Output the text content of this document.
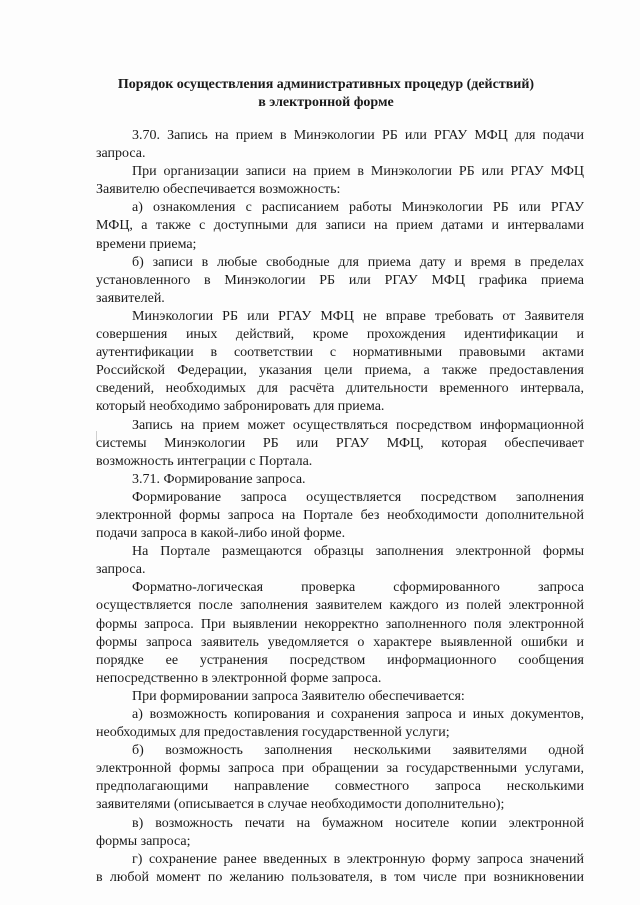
Порядок осуществления административных процедур (действий)
в электронной форме
3.70. Запись на прием в Минэкологии РБ или РГАУ МФЦ для подачи
запроса.
При организации записи на прием в Минэкологии РБ или РГАУ МФЦ
Заявителю обеспечивается возможность:
а) ознакомления с расписанием работы Минэкологии РБ или РГАУ
МФЦ, а также с доступными для записи на прием датами и интервалами
времени приема;
б) записи в любые свободные для приема дату и время в пределах
установленного в Минэкологии РБ или РГАУ МФЦ графика приема
заявителей.
Минэкологии РБ или РГАУ МФЦ не вправе требовать от Заявителя
совершения иных действий, кроме прохождения идентификации и
аутентификации в соответствии с нормативными правовыми актами
Российской Федерации, указания цели приема, а также предоставления
сведений, необходимых для расчёта длительности временного интервала,
который необходимо забронировать для приема.
Запись на прием может осуществляться посредством информационной
системы Минэкологии РБ или РГАУ МФЦ, которая обеспечивает
возможность интеграции с Портала.
3.71. Формирование запроса.
Формирование запроса осуществляется посредством заполнения
электронной формы запроса на Портале без необходимости дополнительной
подачи запроса в какой-либо иной форме.
На Портале размещаются образцы заполнения электронной формы
запроса.
Форматно-логическая проверка сформированного запроса
осуществляется после заполнения заявителем каждого из полей электронной
формы запроса. При выявлении некорректно заполненного поля электронной
формы запроса заявитель уведомляется о характере выявленной ошибки и
порядке ее устранения посредством информационного сообщения
непосредственно в электронной форме запроса.
При формировании запроса Заявителю обеспечивается:
а) возможность копирования и сохранения запроса и иных документов,
необходимых для предоставления государственной услуги;
б) возможность заполнения несколькими заявителями одной
электронной формы запроса при обращении за государственными услугами,
предполагающими направление совместного запроса несколькими
заявителями (описывается в случае необходимости дополнительно);
в) возможность печати на бумажном носителе копии электронной
формы запроса;
г) сохранение ранее введенных в электронную форму запроса значений
в любой момент по желанию пользователя, в том числе при возникновении
